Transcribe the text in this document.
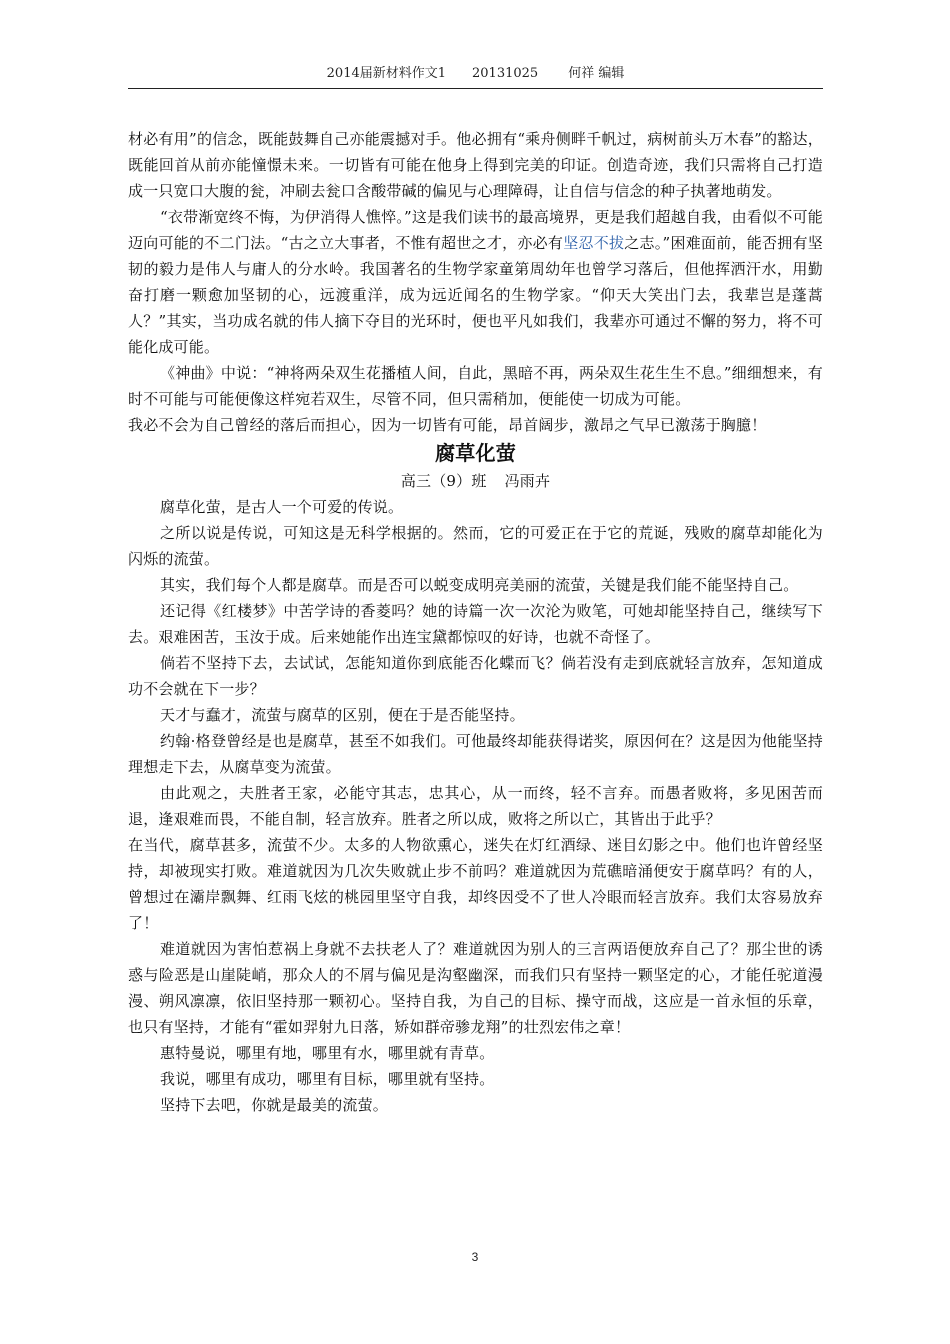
2014届新材料作文1 20131025 何祥 编辑

材必有用”的信念，既能鼓舞自己亦能震撼对手。他必拥有“乘舟侧畔千帆过，病树前头万木春”的豁达，既能回首从前亦能憧憬未来。一切皆有可能在他身上得到完美的印证。创造奇迹，我们只需将自己打造成一只宽口大腹的瓮，冲刷去瓮口含酸带碱的偏见与心理障碍，让自信与信念的种子执著地萌发。

“衣带渐宽终不悔，为伊消得人憔悴。”这是我们读书的最高境界，更是我们超越自我，由看似不可能迈向可能的不二门法。“古之立大事者，不惟有超世之才，亦必有坚忍不拔之志。”困难面前，能否拥有坚韧的毅力是伟人与庸人的分水岭。我国著名的生物学家童第周幼年也曾学习落后，但他挥洒汗水，用勤奋打磨一颗愈加坚韧的心，远渡重洋，成为远近闻名的生物学家。“仰天大笑出门去，我辈岂是蓬蒿人？”其实，当功成名就的伟人摘下夺目的光环时，便也平凡如我们，我辈亦可通过不懈的努力，将不可能化成可能。

《神曲》中说：“神将两朵双生花播植人间，自此，黑暗不再，两朵双生花生生不息。”细细想来，有时不可能与可能便像这样宛若双生，尽管不同，但只需稍加，便能使一切成为可能。

我必不会为自己曾经的落后而担心，因为一切皆有可能，昂首阔步，激昂之气早已激荡于胸臆！

腐草化萤
高三（9）班 冯雨卉

腐草化萤，是古人一个可爱的传说。

之所以说是传说，可知这是无科学根据的。然而，它的可爱正在于它的荒诞，残败的腐草却能化为闪烁的流萤。

其实，我们每个人都是腐草。而是否可以蜕变成明亮美丽的流萤，关键是我们能不能坚持自己。

还记得《红楼梦》中苦学诗的香菱吗？她的诗篇一次一次沦为败笔，可她却能坚持自己，继续写下去。艰难困苦，玉汝于成。后来她能作出连宝黛都惊叹的好诗，也就不奇怪了。

倘若不坚持下去，去试试，怎能知道你到底能否化蝶而飞？倘若没有走到底就轻言放弃，怎知道成功不会就在下一步？

天才与蠢才，流萤与腐草的区别，便在于是否能坚持。

约翰·格登曾经是也是腐草，甚至不如我们。可他最终却能获得诺奖，原因何在？这是因为他能坚持理想走下去，从腐草变为流萤。

由此观之，夫胜者王家，必能守其志，忠其心，从一而终，轻不言弃。而愚者败将，多见困苦而退，逢艰难而畏，不能自制，轻言放弃。胜者之所以成，败将之所以亡，其皆出于此乎？

在当代，腐草甚多，流萤不少。太多的人物欲熏心，迷失在灯红酒绿、迷目幻影之中。他们也许曾经坚持，却被现实打败。难道就因为几次失败就止步不前吗？难道就因为荒礁暗涌便安于腐草吗？有的人，曾想过在灞岸飘舞、红雨飞炫的桃园里坚守自我，却终因受不了世人冷眼而轻言放弃。我们太容易放弃了！

难道就因为害怕惹祸上身就不去扶老人了？难道就因为别人的三言两语便放弃自己了？那尘世的诱惑与险恶是山崖陡峭，那众人的不屑与偏见是沟壑幽深，而我们只有坚持一颗坚定的心，才能任驼道漫漫、朔风凛凛，依旧坚持那一颗初心。坚持自我，为自己的目标、操守而战，这应是一首永恒的乐章，也只有坚持，才能有“霍如羿射九日落，矫如群帝骖龙翔”的壮烈宏伟之章！

惠特曼说，哪里有地，哪里有水，哪里就有青草。

我说，哪里有成功，哪里有目标，哪里就有坚持。

坚持下去吧，你就是最美的流萤。

3
